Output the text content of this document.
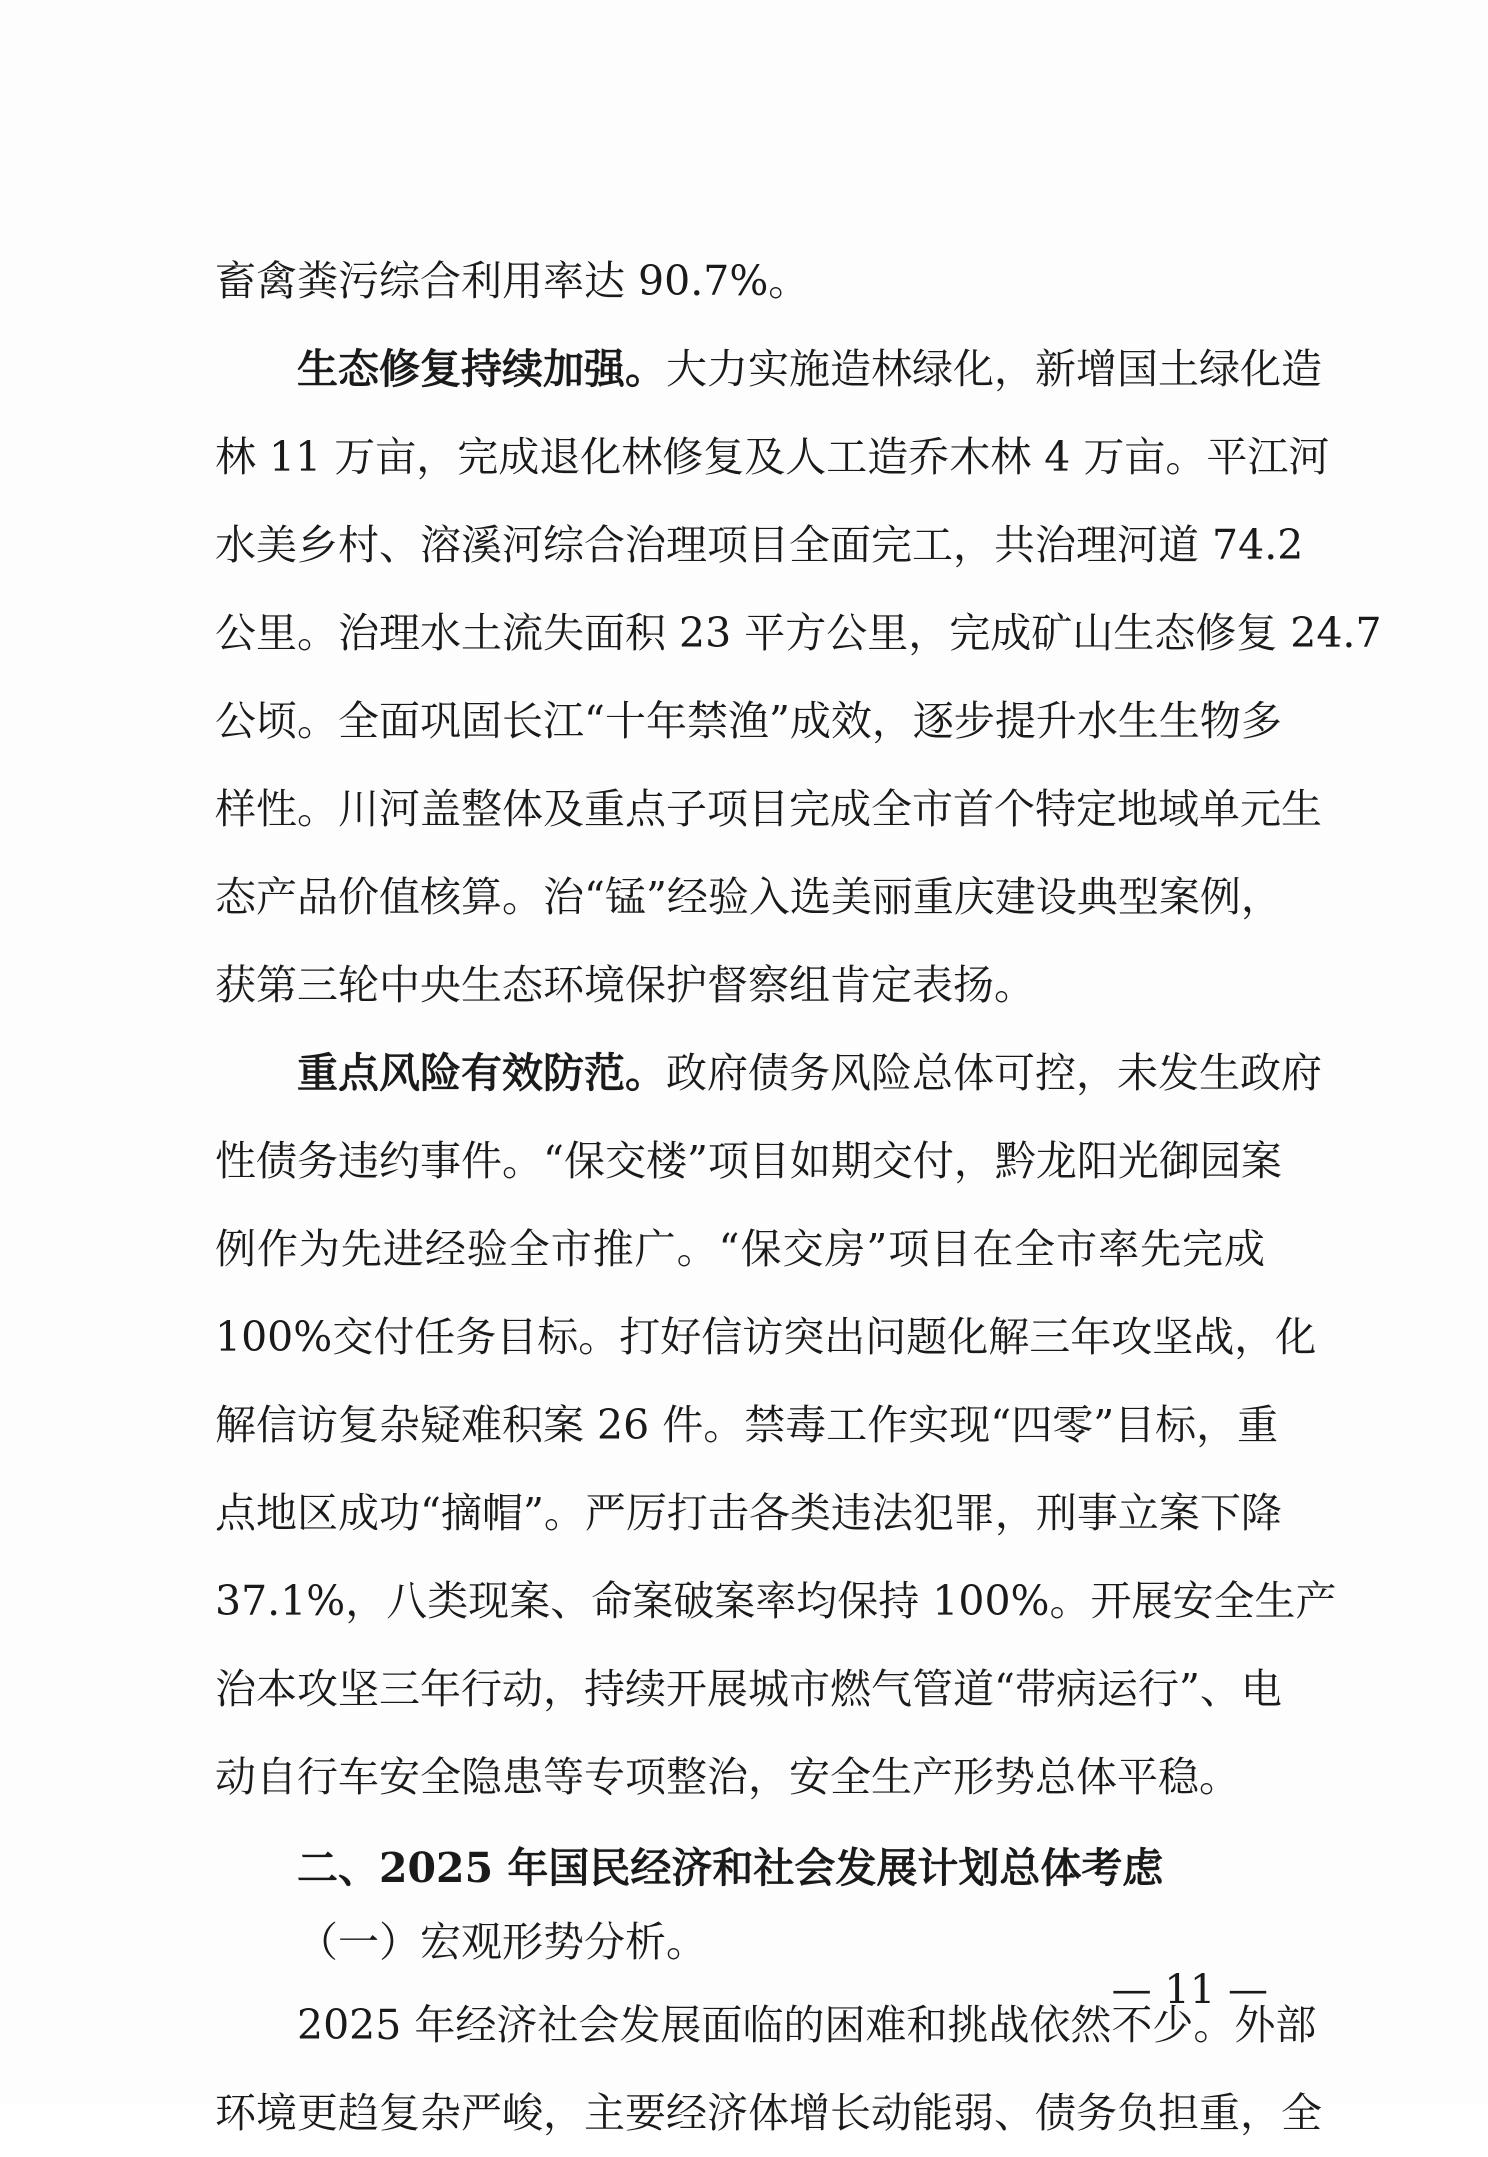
畜禽粪污综合利用率达 90.7%。
生态修复持续加强。大力实施造林绿化，新增国土绿化造
林 11 万亩，完成退化林修复及人工造乔木林 4 万亩。平江河
水美乡村、溶溪河综合治理项目全面完工，共治理河道 74.2
公里。治理水土流失面积 23 平方公里，完成矿山生态修复 24.7
公顷。全面巩固长江“十年禁渔”成效，逐步提升水生生物多
样性。川河盖整体及重点子项目完成全市首个特定地域单元生
态产品价值核算。治“锰”经验入选美丽重庆建设典型案例，
获第三轮中央生态环境保护督察组肯定表扬。
重点风险有效防范。政府债务风险总体可控，未发生政府
性债务违约事件。“保交楼”项目如期交付，黔龙阳光御园案
例作为先进经验全市推广。“保交房”项目在全市率先完成
100%交付任务目标。打好信访突出问题化解三年攻坚战，化
解信访复杂疑难积案 26 件。禁毒工作实现“四零”目标，重
点地区成功“摘帽”。严厉打击各类违法犯罪，刑事立案下降
37.1%，八类现案、命案破案率均保持 100%。开展安全生产
治本攻坚三年行动，持续开展城市燃气管道“带病运行”、电
动自行车安全隐患等专项整治，安全生产形势总体平稳。
二、2025 年国民经济和社会发展计划总体考虑
（一）宏观形势分析。
2025 年经济社会发展面临的困难和挑战依然不少。外部
环境更趋复杂严峻，主要经济体增长动能弱、债务负担重，全
— 11 —
